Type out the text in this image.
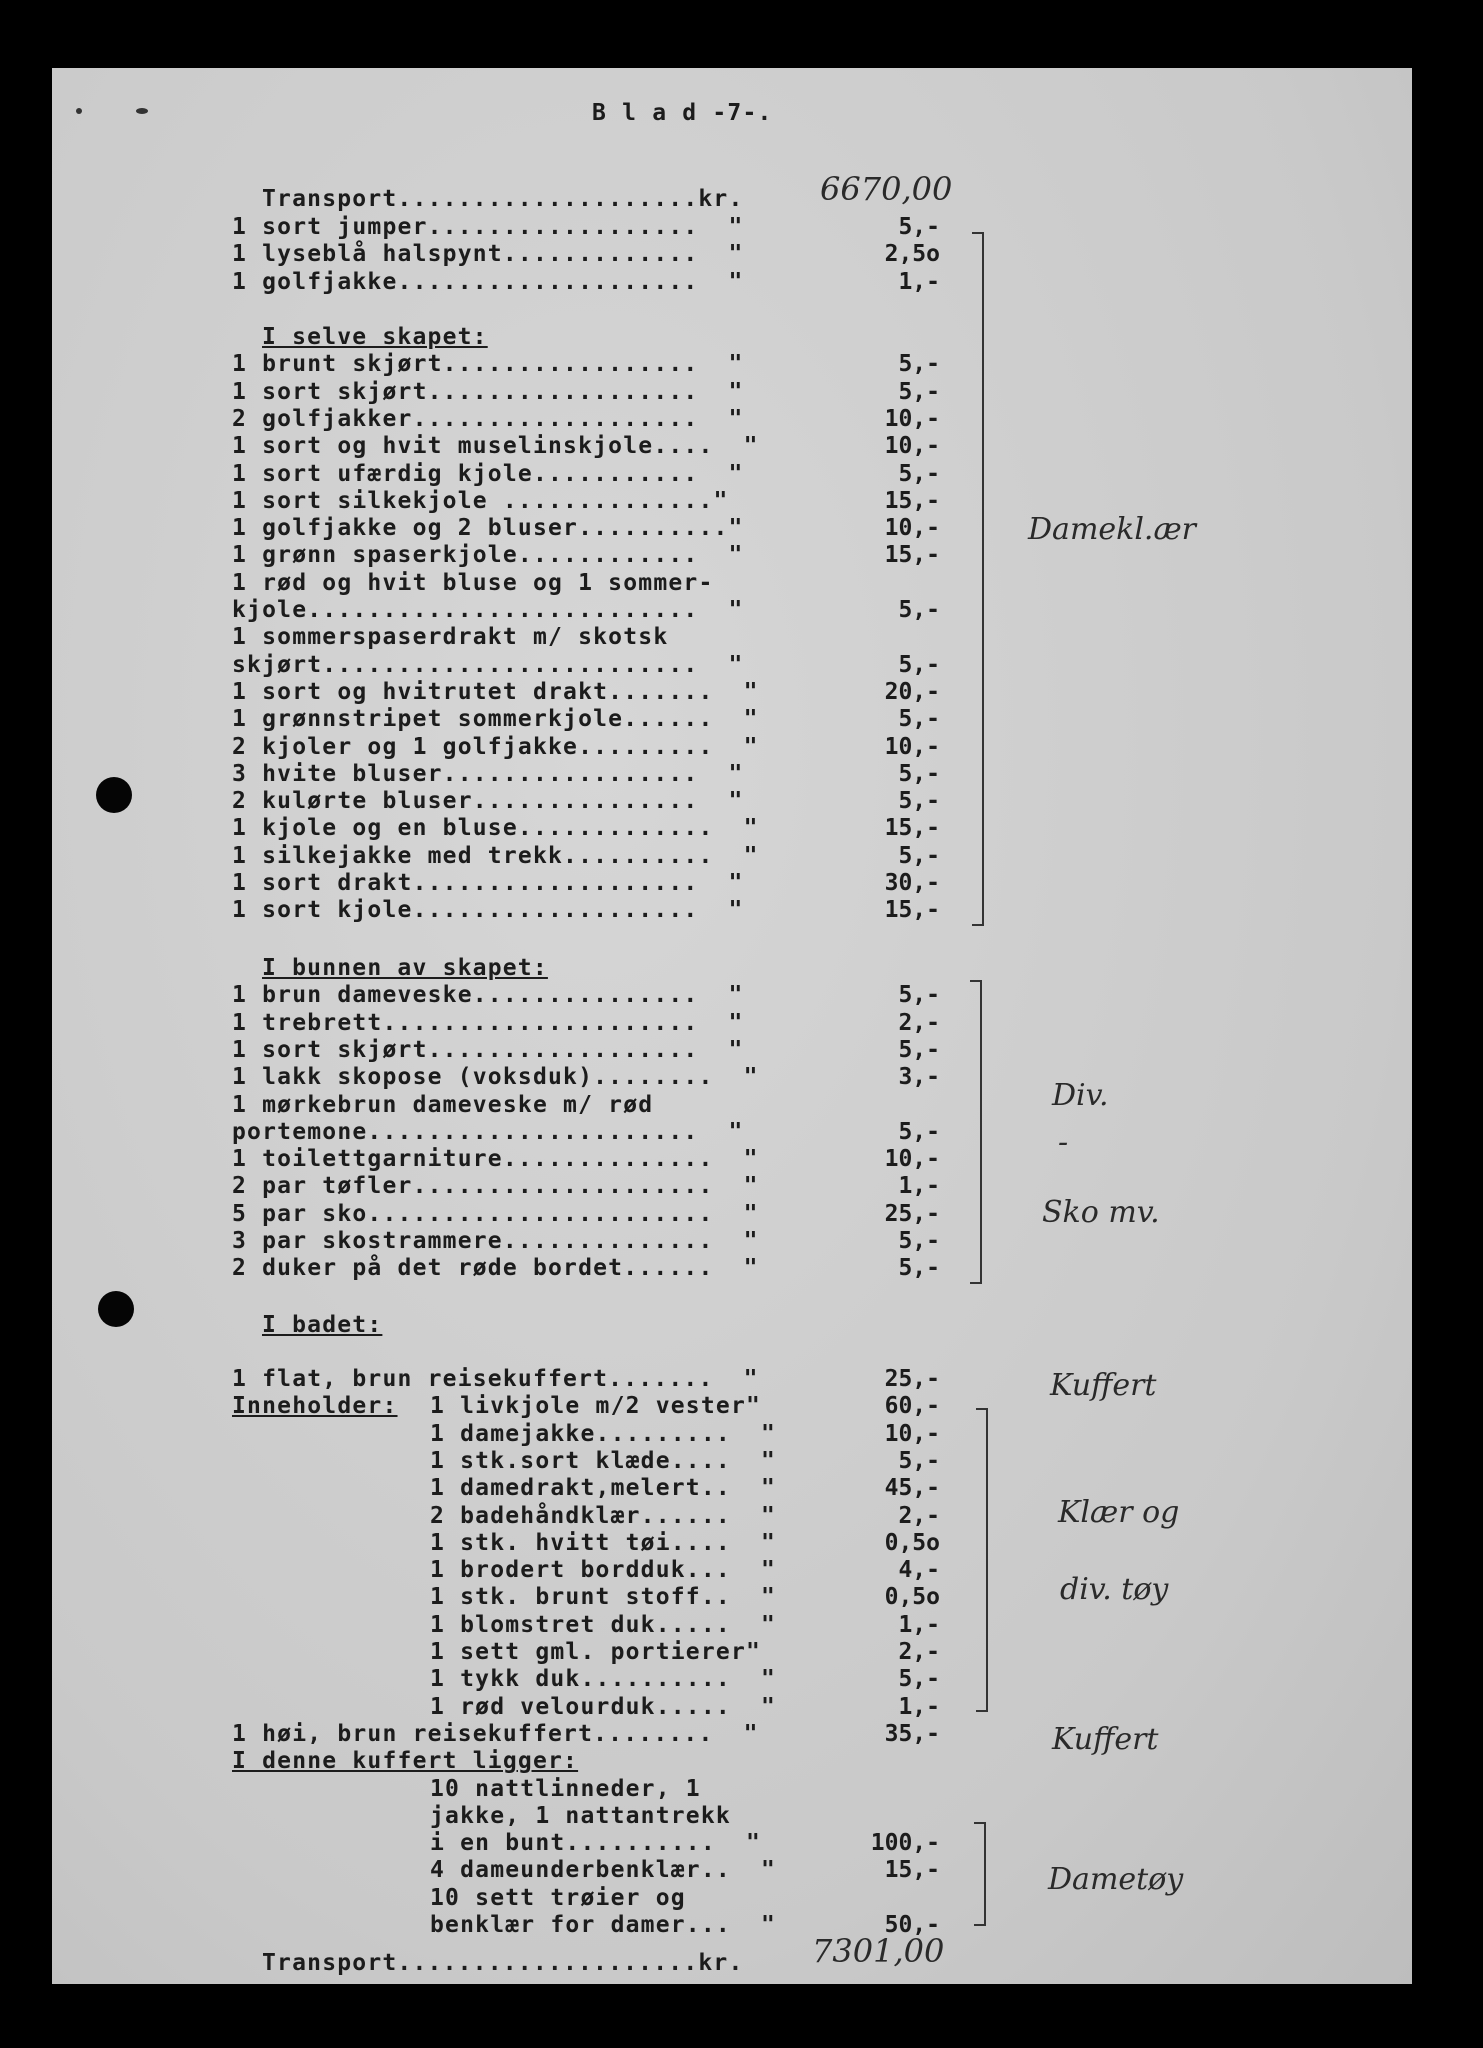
B l a d -7-.
Transport....................kr. 6670,00
1 sort jumper..................  "	5,-
1 lyseblå halspynt.............  "	2,5o
1 golfjakke....................  "	1,-
I selve skapet:
1 brunt skjørt.................  "	5,-
1 sort skjørt..................  "	5,-
2 golfjakker...................  "	10,-
1 sort og hvit muselinskjole....  "	10,-
1 sort ufærdig kjole...........  "	5,-
1 sort silkekjole .............."	15,-
1 golfjakke og 2 bluser.........."	10,-
1 grønn spaserkjole............  "	15,-
1 rød og hvit bluse og 1 sommer-
kjole..........................  "	5,-
1 sommerspaserdrakt m/ skotsk
skjørt.........................  "	5,-
1 sort og hvitrutet drakt.......  "	20,-
1 grønnstripet sommerkjole......  "	5,-
2 kjoler og 1 golfjakke.........  "	10,-
3 hvite bluser.................  "	5,-
2 kulørte bluser...............  "	5,-
1 kjole og en bluse.............  "	15,-
1 silkejakke med trekk..........  "	5,-
1 sort drakt...................  "	30,-
1 sort kjole...................  "	15,-
I bunnen av skapet:
1 brun dameveske...............  "	5,-
1 trebrett.....................  "	2,-
1 sort skjørt..................  "	5,-
1 lakk skopose (voksduk)........  "	3,-
1 mørkebrun dameveske m/ rød
portemone......................  "	5,-
1 toilettgarniture..............  "	10,-
2 par tøfler....................  "	1,-
5 par sko.......................  "	25,-
3 par skostrammere..............  "	5,-
2 duker på det røde bordet......  "	5,-
I badet:
1 flat, brun reisekuffert.......  "	25,-
Inneholder: 1 livkjole m/2 vester"	60,-
1 damejakke.........  "	10,-
1 stk.sort klæde....  "	5,-
1 damedrakt,melert..  "	45,-
2 badehåndklær......  "	2,-
1 stk. hvitt tøi....  "	0,5o
1 brodert bordduk...  "	4,-
1 stk. brunt stoff..  "	0,5o
1 blomstret duk.....  "	1,-
1 sett gml. portierer"	2,-
1 tykk duk..........  "	5,-
1 rød velourduk.....  "	1,-
1 høi, brun reisekuffert........  "	35,-
I denne kuffert ligger:
10 nattlinneder, 1
jakke, 1 nattantrekk
i en bunt..........  "	100,-
4 dameunderbenklær..  "	15,-
10 sett trøier og
benklær for damer...  "	50,-
Damekl.ær
Div.
-
Sko mv.
Kuffert
Klær og
div. tøy
Kuffert
Dametøy
Transport....................kr. 7301,00
